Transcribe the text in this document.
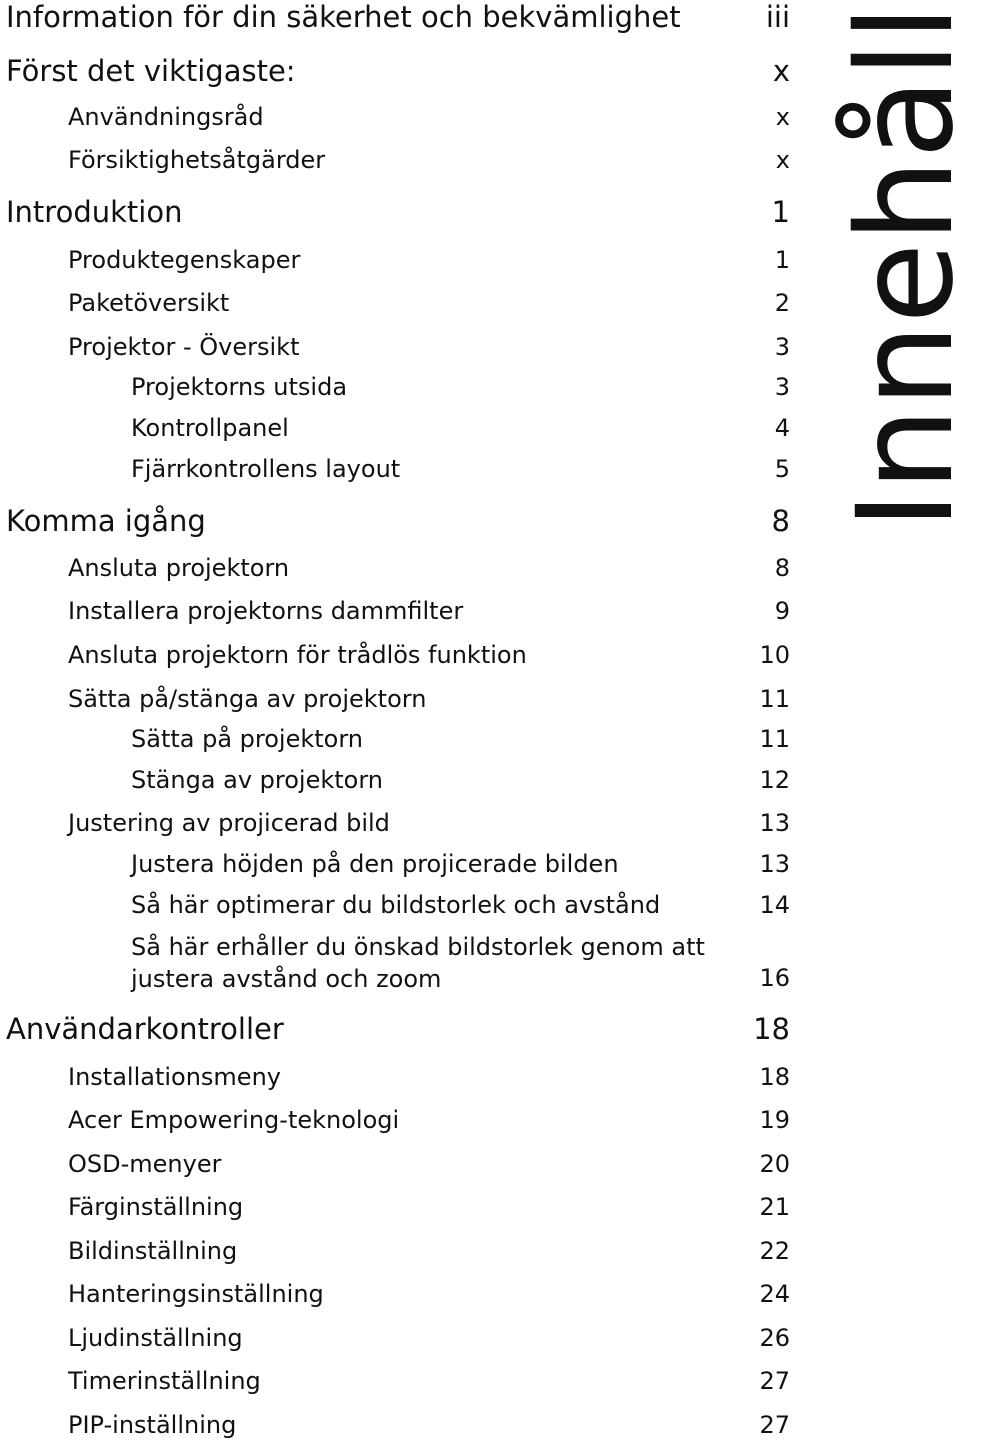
Information för din säkerhet och bekvämlighet	iii
Först det viktigaste:	x
Användningsråd	x
Försiktighetsåtgärder	x
Introduktion	1
Produktegenskaper	1
Paketöversikt	2
Projektor - Översikt	3
Projektorns utsida	3
Kontrollpanel	4
Fjärrkontrollens layout	5
Komma igång	8
Ansluta projektorn	8
Installera projektorns dammfilter	9
Ansluta projektorn för trådlös funktion	10
Sätta på/stänga av projektorn	11
Sätta på projektorn	11
Stänga av projektorn	12
Justering av projicerad bild	13
Justera höjden på den projicerade bilden	13
Så här optimerar du bildstorlek och avstånd	14
Så här erhåller du önskad bildstorlek genom att justera avstånd och zoom	16
Användarkontroller	18
Installationsmeny	18
Acer Empowering-teknologi	19
OSD-menyer	20
Färginställning	21
Bildinställning	22
Hanteringsinställning	24
Ljudinställning	26
Timerinställning	27
PIP-inställning	27
Innehåll
